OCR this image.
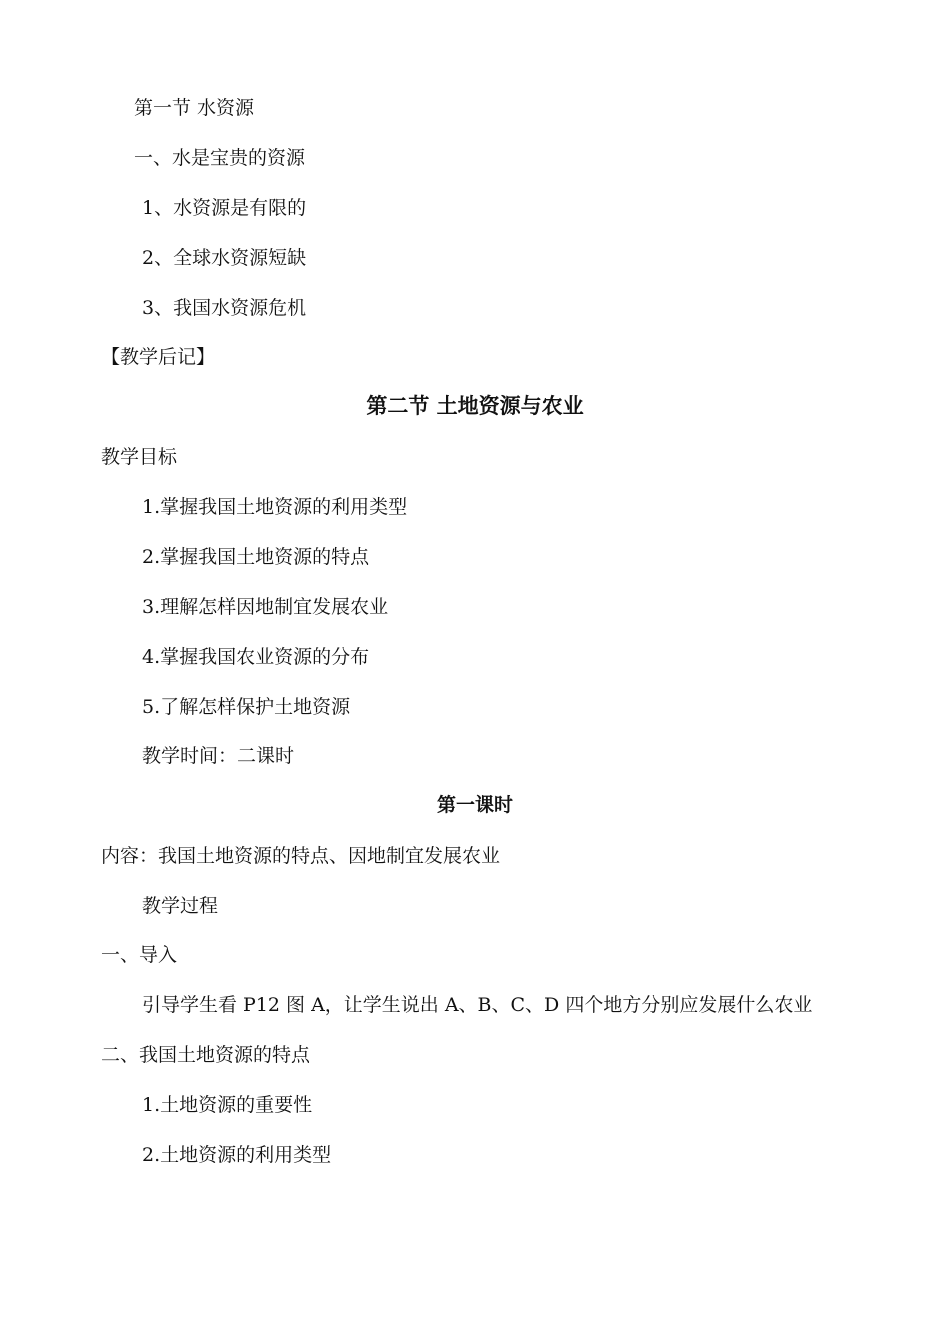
第一节 水资源
一、水是宝贵的资源
1、水资源是有限的
2、全球水资源短缺
3、我国水资源危机
【教学后记】
第二节 土地资源与农业
教学目标
1.掌握我国土地资源的利用类型
2.掌握我国土地资源的特点
3.理解怎样因地制宜发展农业
4.掌握我国农业资源的分布
5.了解怎样保护土地资源
教学时间：二课时
第一课时
内容：我国土地资源的特点、因地制宜发展农业
教学过程
一、导入
引导学生看 P12 图 A，让学生说出 A、B、C、D 四个地方分别应发展什么农业
二、我国土地资源的特点
1.土地资源的重要性
2.土地资源的利用类型
